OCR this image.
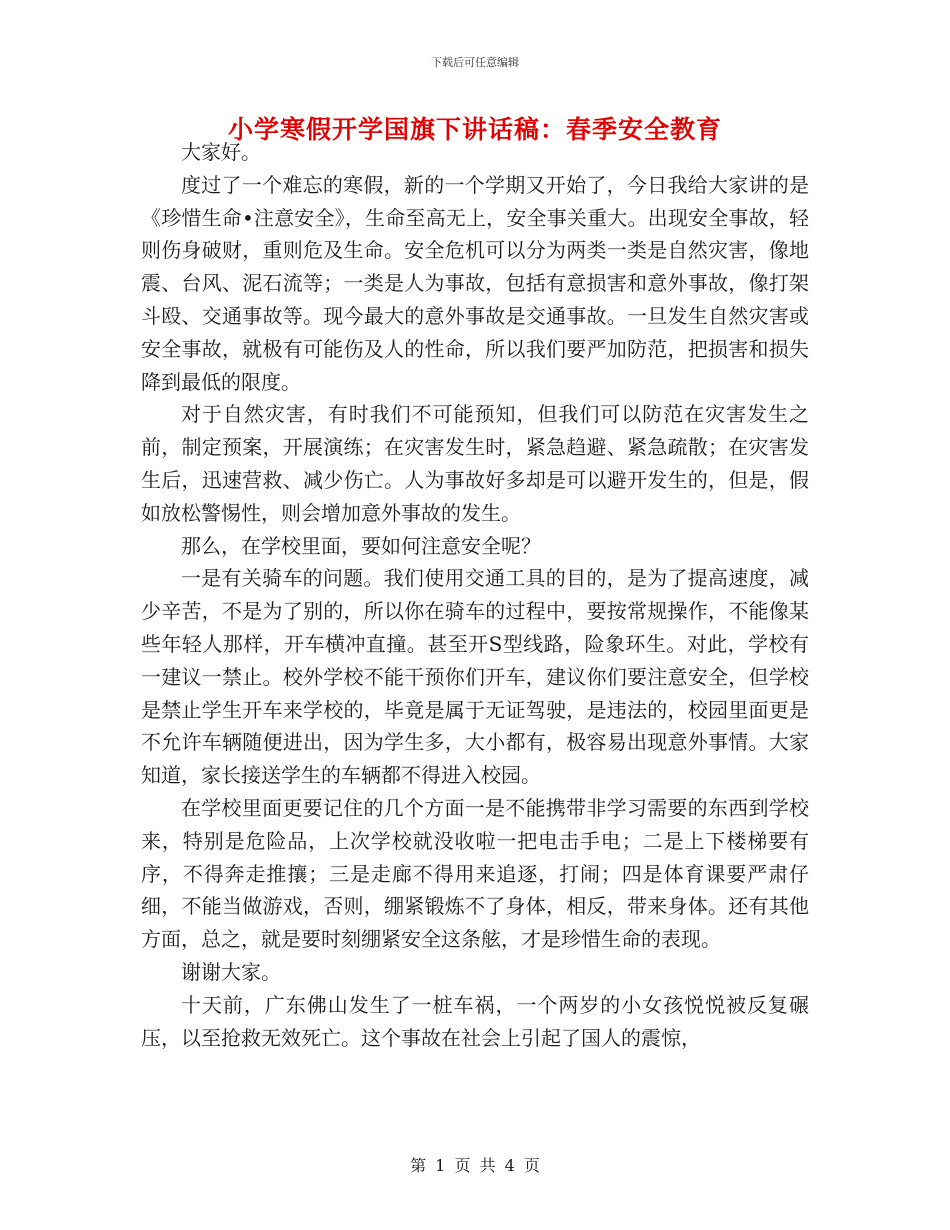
下载后可任意编辑
小学寒假开学国旗下讲话稿：春季安全教育

大家好。

度过了一个难忘的寒假，新的一个学期又开始了，今日我给大家讲的是《珍惜生命•注意安全》，生命至高无上，安全事关重大。出现安全事故，轻则伤身破财，重则危及生命。安全危机可以分为两类一类是自然灾害，像地震、台风、泥石流等；一类是人为事故，包括有意损害和意外事故，像打架斗殴、交通事故等。现今最大的意外事故是交通事故。一旦发生自然灾害或安全事故，就极有可能伤及人的性命，所以我们要严加防范，把损害和损失降到最低的限度。

对于自然灾害，有时我们不可能预知，但我们可以防范在灾害发生之前，制定预案，开展演练；在灾害发生时，紧急趋避、紧急疏散；在灾害发生后，迅速营救、减少伤亡。人为事故好多却是可以避开发生的，但是，假如放松警惕性，则会增加意外事故的发生。

那么，在学校里面，要如何注意安全呢？

一是有关骑车的问题。我们使用交通工具的目的，是为了提高速度，减少辛苦，不是为了别的，所以你在骑车的过程中，要按常规操作，不能像某些年轻人那样，开车横冲直撞。甚至开S型线路，险象环生。对此，学校有一建议一禁止。校外学校不能干预你们开车，建议你们要注意安全，但学校是禁止学生开车来学校的，毕竟是属于无证驾驶，是违法的，校园里面更是不允许车辆随便进出，因为学生多，大小都有，极容易出现意外事情。大家知道，家长接送学生的车辆都不得进入校园。

在学校里面更要记住的几个方面一是不能携带非学习需要的东西到学校来，特别是危险品，上次学校就没收啦一把电击手电；二是上下楼梯要有序，不得奔走推攘；三是走廊不得用来追逐，打闹；四是体育课要严肃仔细，不能当做游戏，否则，绷紧锻炼不了身体，相反，带来身体。还有其他方面，总之，就是要时刻绷紧安全这条舷，才是珍惜生命的表现。

谢谢大家。

十天前，广东佛山发生了一桩车祸，一个两岁的小女孩悦悦被反复碾压，以至抢救无效死亡。这个事故在社会上引起了国人的震惊，

第 1 页 共 4 页
